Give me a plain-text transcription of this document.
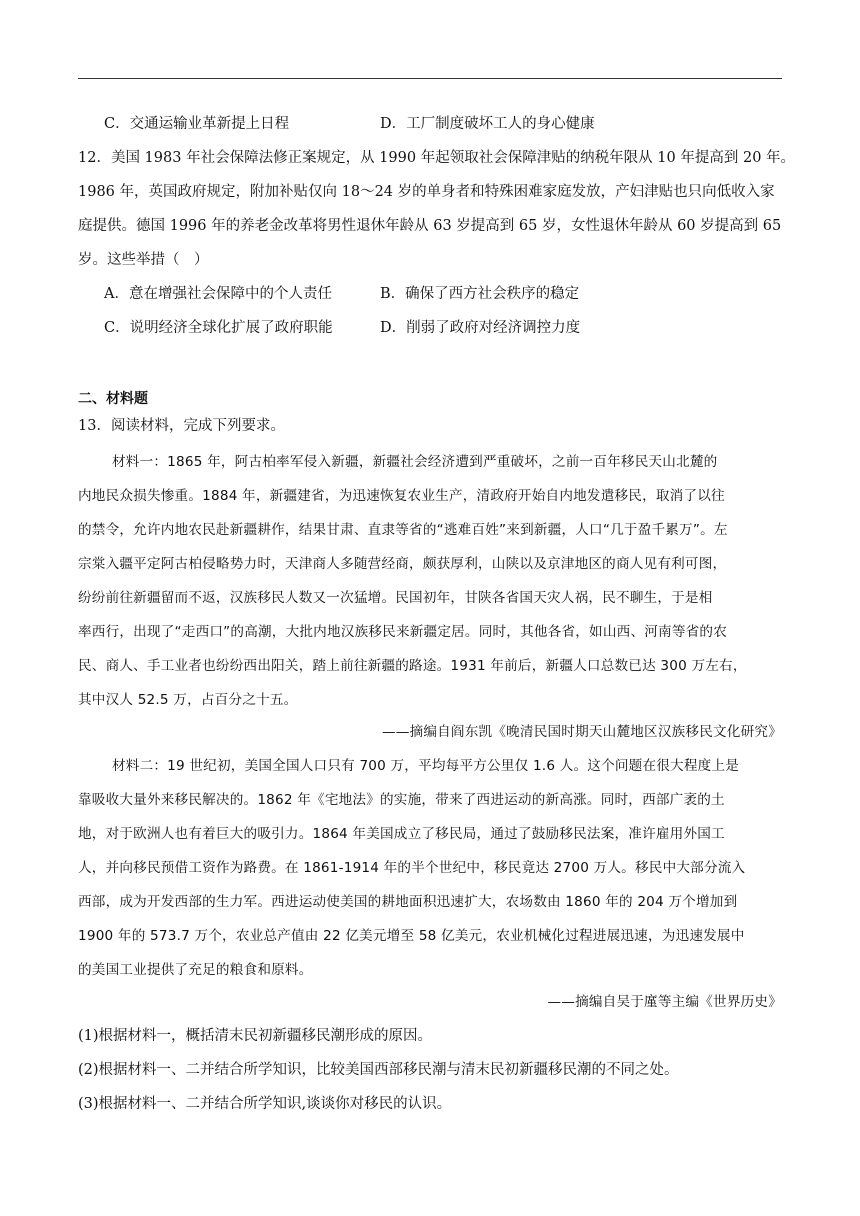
C．交通运输业革新提上日程	D．工厂制度破坏工人的身心健康
12．美国 1983 年社会保障法修正案规定，从 1990 年起领取社会保障津贴的纳税年限从 10 年提高到 20 年。
1986 年，英国政府规定，附加补贴仅向 18～24 岁的单身者和特殊困难家庭发放，产妇津贴也只向低收入家
庭提供。德国 1996 年的养老金改革将男性退休年龄从 63 岁提高到 65 岁，女性退休年龄从 60 岁提高到 65
岁。这些举措（　）
A．意在增强社会保障中的个人责任	B．确保了西方社会秩序的稳定
C．说明经济全球化扩展了政府职能	D．削弱了政府对经济调控力度
二、材料题
13．阅读材料，完成下列要求。
材料一：1865 年，阿古柏率军侵入新疆，新疆社会经济遭到严重破坏，之前一百年移民天山北麓的
内地民众损失惨重。1884 年，新疆建省，为迅速恢复农业生产，清政府开始自内地发遣移民，取消了以往
的禁令，允许内地农民赴新疆耕作，结果甘肃、直隶等省的“逃难百姓”来到新疆，人口“几于盈千累万”。左
宗棠入疆平定阿古柏侵略势力时，天津商人多随营经商，颇获厚利，山陕以及京津地区的商人见有利可图，
纷纷前往新疆留而不返，汉族移民人数又一次猛增。民国初年，甘陕各省国天灾人祸，民不聊生，于是相
率西行，出现了“走西口”的高潮，大批内地汉族移民来新疆定居。同时，其他各省，如山西、河南等省的农
民、商人、手工业者也纷纷西出阳关，踏上前往新疆的路途。1931 年前后，新疆人口总数已达 300 万左右，
其中汉人 52.5 万，占百分之十五。
——摘编自阎东凯《晚清民国时期天山麓地区汉族移民文化研究》
材料二：19 世纪初，美国全国人口只有 700 万，平均每平方公里仅 1.6 人。这个问题在很大程度上是
靠吸收大量外来移民解决的。1862 年《宅地法》的实施，带来了西进运动的新高涨。同时，西部广袤的土
地，对于欧洲人也有着巨大的吸引力。1864 年美国成立了移民局，通过了鼓励移民法案，准许雇用外国工
人，并向移民预借工资作为路费。在 1861-1914 年的半个世纪中，移民竟达 2700 万人。移民中大部分流入
西部，成为开发西部的生力军。西进运动使美国的耕地面积迅速扩大，农场数由 1860 年的 204 万个增加到
1900 年的 573.7 万个，农业总产值由 22 亿美元增至 58 亿美元，农业机械化过程进展迅速，为迅速发展中
的美国工业提供了充足的粮食和原料。
——摘编自吴于廑等主编《世界历史》
(1)根据材料一，概括清末民初新疆移民潮形成的原因。
(2)根据材料一、二并结合所学知识，比较美国西部移民潮与清末民初新疆移民潮的不同之处。
(3)根据材料一、二并结合所学知识,谈谈你对移民的认识。
